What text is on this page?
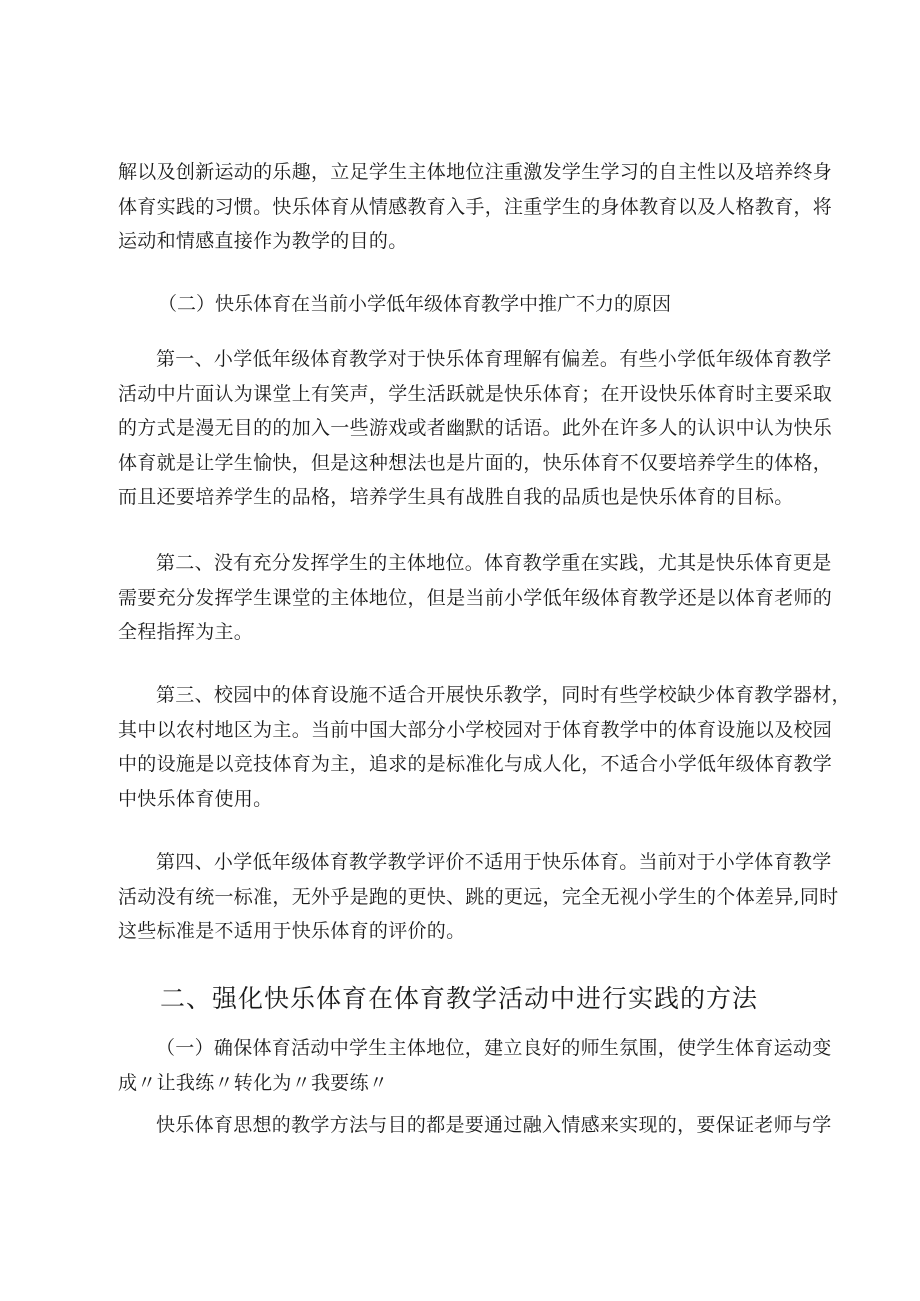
解以及创新运动的乐趣，立足学生主体地位注重激发学生学习的自主性以及培养终身
体育实践的习惯。快乐体育从情感教育入手，注重学生的身体教育以及人格教育，将
运动和情感直接作为教学的目的。
（二）快乐体育在当前小学低年级体育教学中推广不力的原因
第一、小学低年级体育教学对于快乐体育理解有偏差。有些小学低年级体育教学
活动中片面认为课堂上有笑声，学生活跃就是快乐体育；在开设快乐体育时主要采取
的方式是漫无目的的加入一些游戏或者幽默的话语。此外在许多人的认识中认为快乐
体育就是让学生愉快，但是这种想法也是片面的，快乐体育不仅要培养学生的体格，
而且还要培养学生的品格，培养学生具有战胜自我的品质也是快乐体育的目标。
第二、没有充分发挥学生的主体地位。体育教学重在实践，尤其是快乐体育更是
需要充分发挥学生课堂的主体地位，但是当前小学低年级体育教学还是以体育老师的
全程指挥为主。
第三、校园中的体育设施不适合开展快乐教学，同时有些学校缺少体育教学器材，
其中以农村地区为主。当前中国大部分小学校园对于体育教学中的体育设施以及校园
中的设施是以竞技体育为主，追求的是标准化与成人化，不适合小学低年级体育教学
中快乐体育使用。
第四、小学低年级体育教学教学评价不适用于快乐体育。当前对于小学体育教学
活动没有统一标准，无外乎是跑的更快、跳的更远，完全无视小学生的个体差异,同时
这些标准是不适用于快乐体育的评价的。
二、强化快乐体育在体育教学活动中进行实践的方法
（一）确保体育活动中学生主体地位，建立良好的师生氛围，使学生体育运动变
成〃让我练〃转化为〃我要练〃
快乐体育思想的教学方法与目的都是要通过融入情感来实现的，要保证老师与学
